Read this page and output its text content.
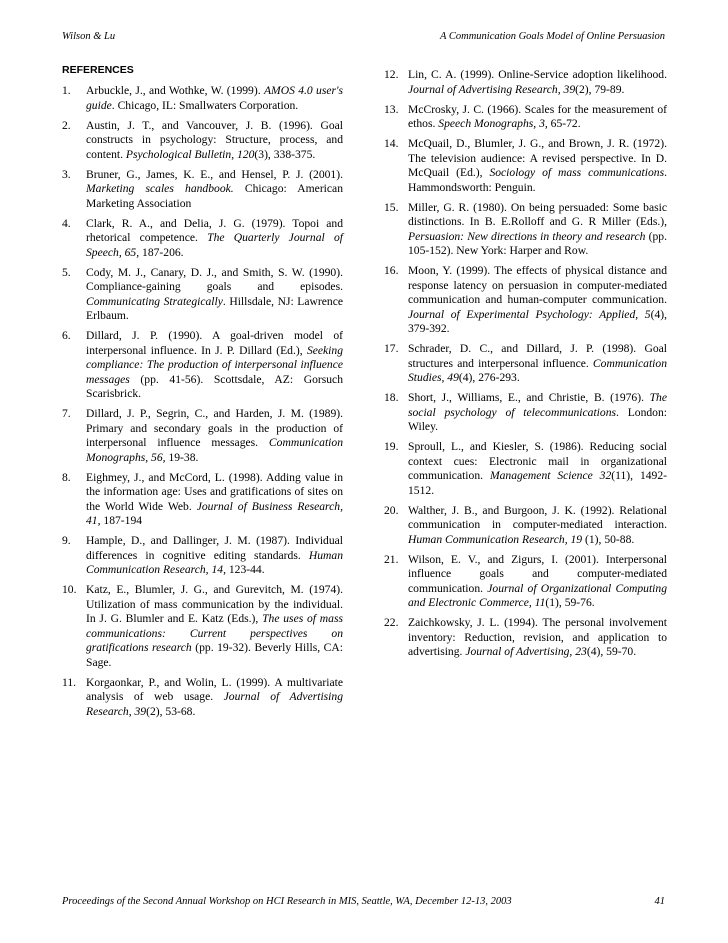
Wilson & Lu	A Communication Goals Model of Online Persuasion
REFERENCES
1. Arbuckle, J., and Wothke, W. (1999). AMOS 4.0 user's guide. Chicago, IL: Smallwaters Corporation.
2. Austin, J. T., and Vancouver, J. B. (1996). Goal constructs in psychology: Structure, process, and content. Psychological Bulletin, 120(3), 338-375.
3. Bruner, G., James, K. E., and Hensel, P. J. (2001). Marketing scales handbook. Chicago: American Marketing Association
4. Clark, R. A., and Delia, J. G. (1979). Topoi and rhetorical competence. The Quarterly Journal of Speech, 65, 187-206.
5. Cody, M. J., Canary, D. J., and Smith, S. W. (1990). Compliance-gaining goals and episodes. Communicating Strategically. Hillsdale, NJ: Lawrence Erlbaum.
6. Dillard, J. P. (1990). A goal-driven model of interpersonal influence. In J. P. Dillard (Ed.), Seeking compliance: The production of interpersonal influence messages (pp. 41-56). Scottsdale, AZ: Gorsuch Scarisbrick.
7. Dillard, J. P., Segrin, C., and Harden, J. M. (1989). Primary and secondary goals in the production of interpersonal influence messages. Communication Monographs, 56, 19-38.
8. Eighmey, J., and McCord, L. (1998). Adding value in the information age: Uses and gratifications of sites on the World Wide Web. Journal of Business Research, 41, 187-194
9. Hample, D., and Dallinger, J. M. (1987). Individual differences in cognitive editing standards. Human Communication Research, 14, 123-44.
10. Katz, E., Blumler, J. G., and Gurevitch, M. (1974). Utilization of mass communication by the individual. In J. G. Blumler and E. Katz (Eds.), The uses of mass communications: Current perspectives on gratifications research (pp. 19-32). Beverly Hills, CA: Sage.
11. Korgaonkar, P., and Wolin, L. (1999). A multivariate analysis of web usage. Journal of Advertising Research, 39(2), 53-68.
12. Lin, C. A. (1999). Online-Service adoption likelihood. Journal of Advertising Research, 39(2), 79-89.
13. McCrosky, J. C. (1966). Scales for the measurement of ethos. Speech Monographs, 3, 65-72.
14. McQuail, D., Blumler, J. G., and Brown, J. R. (1972). The television audience: A revised perspective. In D. McQuail (Ed.), Sociology of mass communications. Hammondsworth: Penguin.
15. Miller, G. R. (1980). On being persuaded: Some basic distinctions. In B. E.Rolloff and G. R Miller (Eds.), Persuasion: New directions in theory and research (pp. 105-152). New York: Harper and Row.
16. Moon, Y. (1999). The effects of physical distance and response latency on persuasion in computer-mediated communication and human-computer communication. Journal of Experimental Psychology: Applied, 5(4), 379-392.
17. Schrader, D. C., and Dillard, J. P. (1998). Goal structures and interpersonal influence. Communication Studies, 49(4), 276-293.
18. Short, J., Williams, E., and Christie, B. (1976). The social psychology of telecommunications. London: Wiley.
19. Sproull, L., and Kiesler, S. (1986). Reducing social context cues: Electronic mail in organizational communication. Management Science 32(11), 1492-1512.
20. Walther, J. B., and Burgoon, J. K. (1992). Relational communication in computer-mediated interaction. Human Communication Research, 19 (1), 50-88.
21. Wilson, E. V., and Zigurs, I. (2001). Interpersonal influence goals and computer-mediated communication. Journal of Organizational Computing and Electronic Commerce, 11(1), 59-76.
22. Zaichkowsky, J. L. (1994). The personal involvement inventory: Reduction, revision, and application to advertising. Journal of Advertising, 23(4), 59-70.
Proceedings of the Second Annual Workshop on HCI Research in MIS, Seattle, WA, December 12-13, 2003	41
